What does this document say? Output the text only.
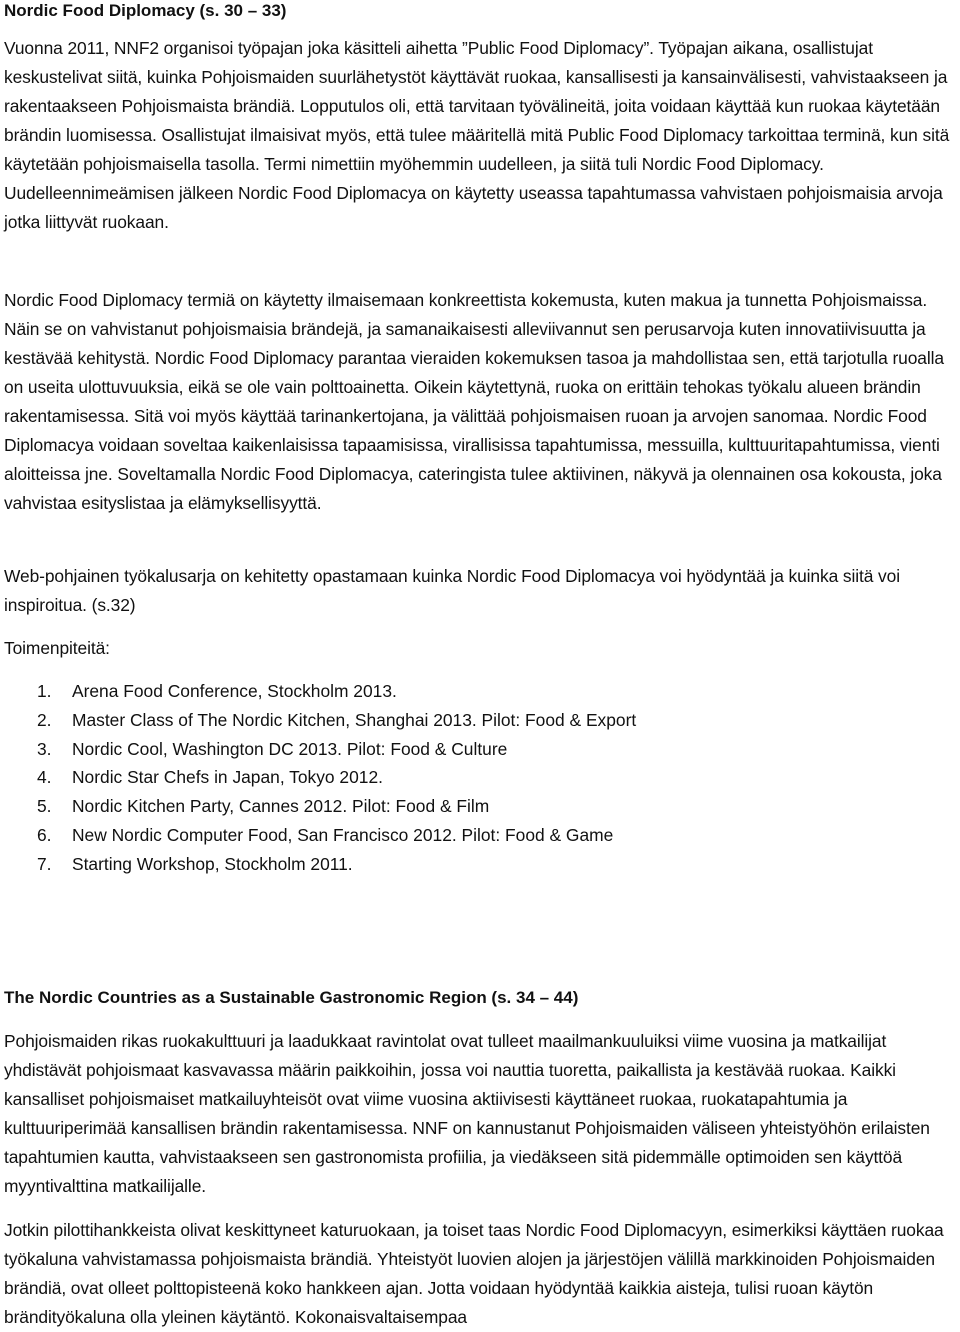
Nordic Food Diplomacy (s. 30 – 33)

Vuonna 2011, NNF2 organisoi työpajan joka käsitteli aihetta ”Public Food Diplomacy”. Työpajan aikana, osallistujat keskustelivat siitä, kuinka Pohjoismaiden suurlähetystöt käyttävät ruokaa, kansallisesti ja kansainvälisesti, vahvistaakseen ja rakentaakseen Pohjoismaista brändiä. Lopputulos oli, että tarvitaan työvälineitä, joita voidaan käyttää kun ruokaa käytetään brändin luomisessa. Osallistujat ilmaisivat myös, että tulee määritellä mitä Public Food Diplomacy tarkoittaa terminä, kun sitä käytetään pohjoismaisella tasolla. Termi nimettiin myöhemmin uudelleen, ja siitä tuli Nordic Food Diplomacy. Uudelleennimeämisen jälkeen Nordic Food Diplomacya on käytetty useassa tapahtumassa vahvistaen pohjoismaisia arvoja jotka liittyvät ruokaan.

Nordic Food Diplomacy termiä on käytetty ilmaisemaan konkreettista kokemusta, kuten makua ja tunnetta Pohjoismaissa. Näin se on vahvistanut pohjoismaisia brändejä, ja samanaikaisesti alleviivannut sen perusarvoja kuten innovatiivisuutta ja kestävää kehitystä. Nordic Food Diplomacy parantaa vieraiden kokemuksen tasoa ja mahdollistaa sen, että tarjotulla ruoalla on useita ulottuvuuksia, eikä se ole vain polttoainetta. Oikein käytettynä, ruoka on erittäin tehokas työkalu alueen brändin rakentamisessa. Sitä voi myös käyttää tarinankertojana, ja välittää pohjoismaisen ruoan ja arvojen sanomaa. Nordic Food Diplomacya voidaan soveltaa kaikenlaisissa tapaamisissa, virallisissa tapahtumissa, messuilla, kulttuuritapahtumissa, vienti aloitteissa jne. Soveltamalla Nordic Food Diplomacya, cateringista tulee aktiivinen, näkyvä ja olennainen osa kokousta, joka vahvistaa esityslistaa ja elämyksellisyyttä.

Web-pohjainen työkalusarja on kehitetty opastamaan kuinka Nordic Food Diplomacya voi hyödyntää ja kuinka siitä voi inspiroitua. (s.32)

Toimenpiteitä:

1.	Arena Food Conference, Stockholm 2013.
2.	Master Class of The Nordic Kitchen, Shanghai 2013. Pilot: Food & Export
3.	Nordic Cool, Washington DC 2013. Pilot: Food & Culture
4.	Nordic Star Chefs in Japan, Tokyo 2012.
5.	Nordic Kitchen Party, Cannes 2012. Pilot: Food & Film
6.	New Nordic Computer Food, San Francisco 2012. Pilot: Food & Game
7.	Starting Workshop, Stockholm 2011.
The Nordic Countries as a Sustainable Gastronomic Region (s. 34 – 44)

Pohjoismaiden rikas ruokakulttuuri ja laadukkaat ravintolat ovat tulleet maailmankuuluiksi viime vuosina ja matkailijat yhdistävät pohjoismaat kasvavassa määrin paikkoihin, jossa voi nauttia tuoretta, paikallista ja kestävää ruokaa. Kaikki kansalliset pohjoismaiset matkailuyhteisöt ovat viime vuosina aktiivisesti käyttäneet ruokaa, ruokatapahtumia ja kulttuuriperimää kansallisen brändin rakentamisessa. NNF on kannustanut Pohjoismaiden väliseen yhteistyöhön erilaisten tapahtumien kautta, vahvistaakseen sen gastronomista profiilia, ja viedäkseen sitä pidemmälle optimoiden sen käyttöä myyntivalttina matkailijalle.

Jotkin pilottihankkeista olivat keskittyneet katuruokaan, ja toiset taas Nordic Food Diplomacyyn, esimerkiksi käyttäen ruokaa työkaluna vahvistamassa pohjoismaista brändiä. Yhteistyöt luovien alojen ja järjestöjen välillä markkinoiden Pohjoismaiden brändiä, ovat olleet polttopisteenä koko hankkeen ajan. Jotta voidaan hyödyntää kaikkia aisteja, tulisi ruoan käytön brändityökaluna olla yleinen käytäntö. Kokonaisvaltaisempaa
